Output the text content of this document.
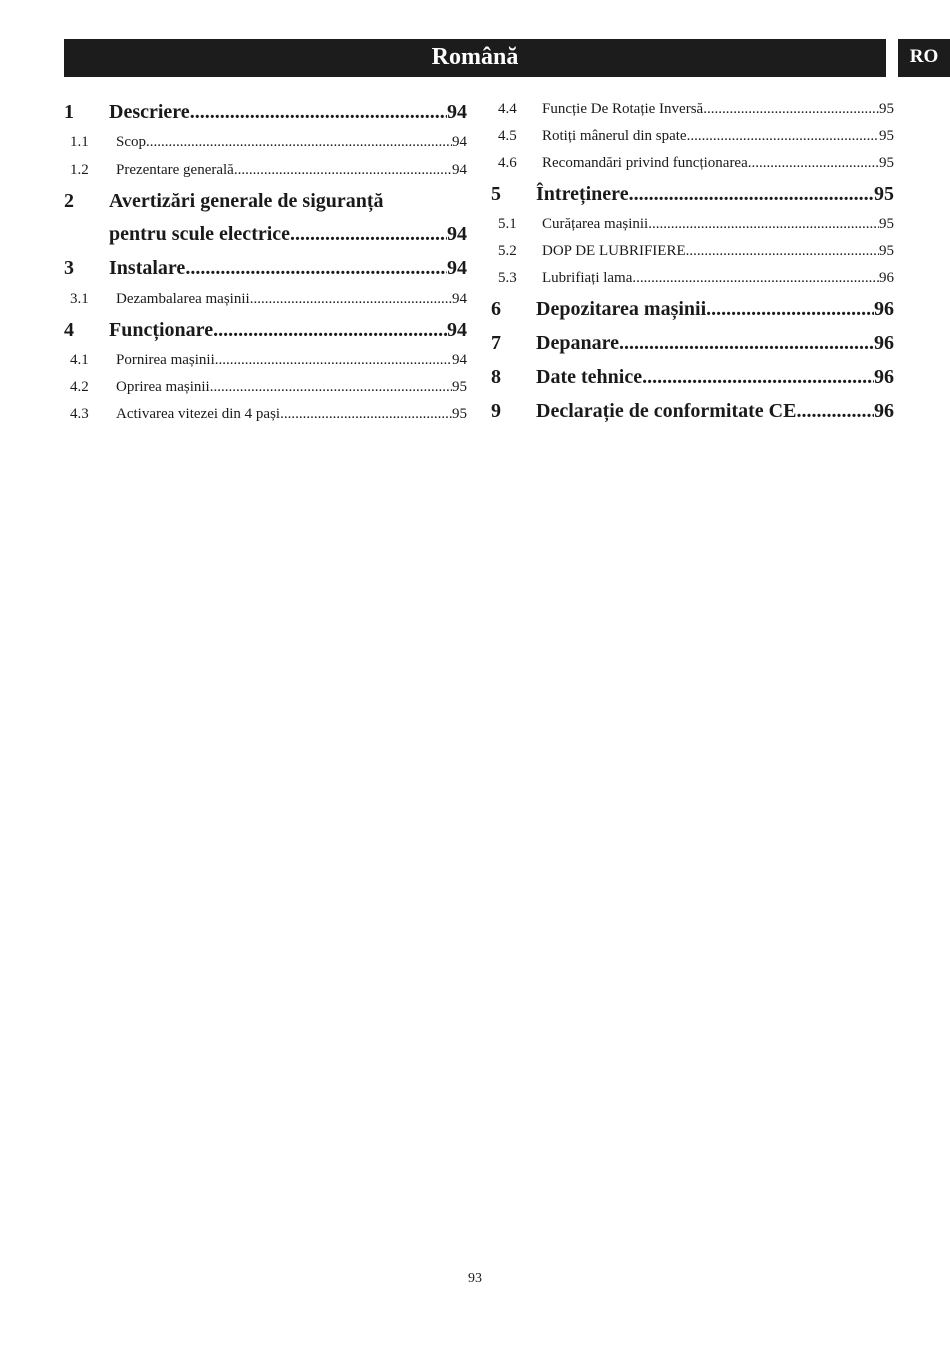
Română	RO
1	Descriere .....	94
1.1	Scop .....	94
1.2	Prezentare generală .....	94
2 Avertizări generale de siguranță
pentru scule electrice .....	94
3	Instalare .....	94
3.1	Dezambalarea mașinii .....	94
4	Funcționare .....	94
4.1	Pornirea mașinii .....	94
4.2	Oprirea mașinii .....	95
4.3	Activarea vitezei din 4 pași .....	95
4.4	Funcție De Rotație Inversă .....	95
4.5	Rotiți mânerul din spate .....	95
4.6	Recomandări privind funcționarea .....	95
5	Întreținere .....	95
5.1	Curățarea mașinii .....	95
5.2	DOP DE LUBRIFIERE .....	95
5.3	Lubrifiați lama .....	96
6	Depozitarea mașinii .....	96
7	Depanare .....	96
8	Date tehnice .....	96
9	Declarație de conformitate CE .....	96
93
